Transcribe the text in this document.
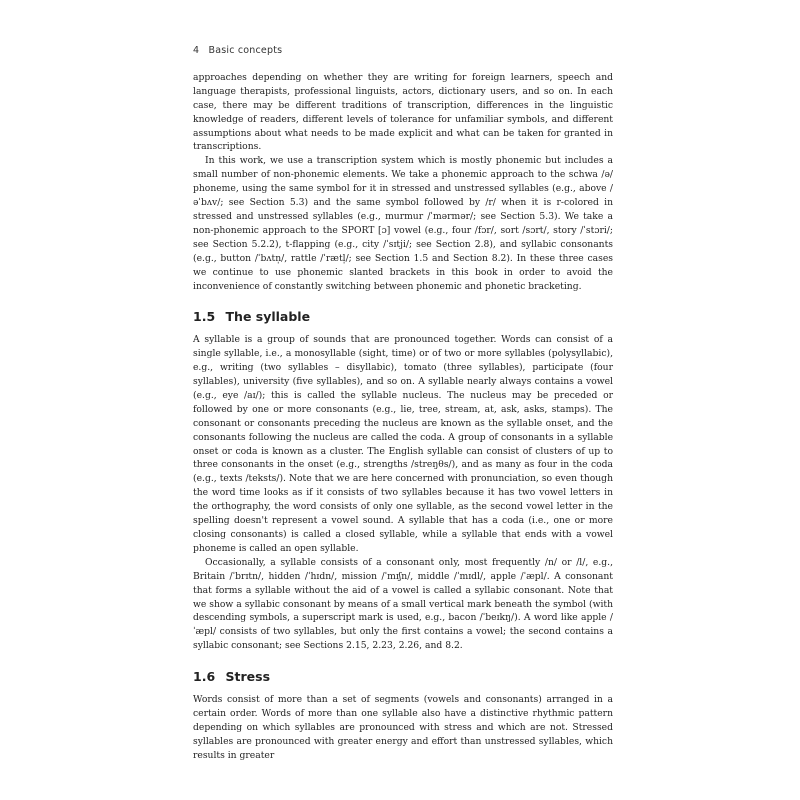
4 Basic concepts

approaches depending on whether they are writing for foreign learners, speech and language therapists, professional linguists, actors, dictionary users, and so on. In each case, there may be different traditions of transcription, differences in the linguistic knowledge of readers, different levels of tolerance for unfamiliar symbols, and different assumptions about what needs to be made explicit and what can be taken for granted in transcriptions.

In this work, we use a transcription system which is mostly phonemic but includes a small number of non-phonemic elements. We take a phonemic approach to the schwa /ə/ phoneme, using the same symbol for it in stressed and unstressed syllables (e.g., above /əˈbʌv/; see Section 5.3) and the same symbol followed by /r/ when it is r-colored in stressed and unstressed syllables (e.g., murmur /ˈmərmər/; see Section 5.3). We take a non-phonemic approach to the SPORT [ɔ] vowel (e.g., four /fɔr/, sort /sɔrt/, story /ˈstɔri/; see Section 5.2.2), t-flapping (e.g., city /ˈsɪtji/; see Section 2.8), and syllabic consonants (e.g., button /ˈbʌtn̩/, rattle /ˈrætl̩/; see Section 1.5 and Section 8.2). In these three cases we continue to use phonemic slanted brackets in this book in order to avoid the inconvenience of constantly switching between phonemic and phonetic bracketing.

1.5 The syllable

A syllable is a group of sounds that are pronounced together. Words can consist of a single syllable, i.e., a monosyllable (sight, time) or of two or more syllables (polysyllabic), e.g., writing (two syllables – disyllabic), tomato (three syllables), participate (four syllables), university (five syllables), and so on. A syllable nearly always contains a vowel (e.g., eye /aɪ/); this is called the syllable nucleus. The nucleus may be preceded or followed by one or more consonants (e.g., lie, tree, stream, at, ask, asks, stamps). The consonant or consonants preceding the nucleus are known as the syllable onset, and the consonants following the nucleus are called the coda. A group of consonants in a syllable onset or coda is known as a cluster. The English syllable can consist of clusters of up to three consonants in the onset (e.g., strengths /streŋθs/), and as many as four in the coda (e.g., texts /teksts/). Note that we are here concerned with pronunciation, so even though the word time looks as if it consists of two syllables because it has two vowel letters in the orthography, the word consists of only one syllable, as the second vowel letter in the spelling doesn't represent a vowel sound. A syllable that has a coda (i.e., one or more closing consonants) is called a closed syllable, while a syllable that ends with a vowel phoneme is called an open syllable.

Occasionally, a syllable consists of a consonant only, most frequently /n/ or /l/, e.g., Britain /ˈbrɪtn/, hidden /ˈhɪdn/, mission /ˈmɪʃn/, middle /ˈmɪdl/, apple /ˈæpl/. A consonant that forms a syllable without the aid of a vowel is called a syllabic consonant. Note that we show a syllabic consonant by means of a small vertical mark beneath the symbol (with descending symbols, a superscript mark is used, e.g., bacon /ˈbeɪkŋ/). A word like apple /ˈæpl/ consists of two syllables, but only the first contains a vowel; the second contains a syllabic consonant; see Sections 2.15, 2.23, 2.26, and 8.2.

1.6 Stress

Words consist of more than a set of segments (vowels and consonants) arranged in a certain order. Words of more than one syllable also have a distinctive rhythmic pattern depending on which syllables are pronounced with stress and which are not. Stressed syllables are pronounced with greater energy and effort than unstressed syllables, which results in greater
